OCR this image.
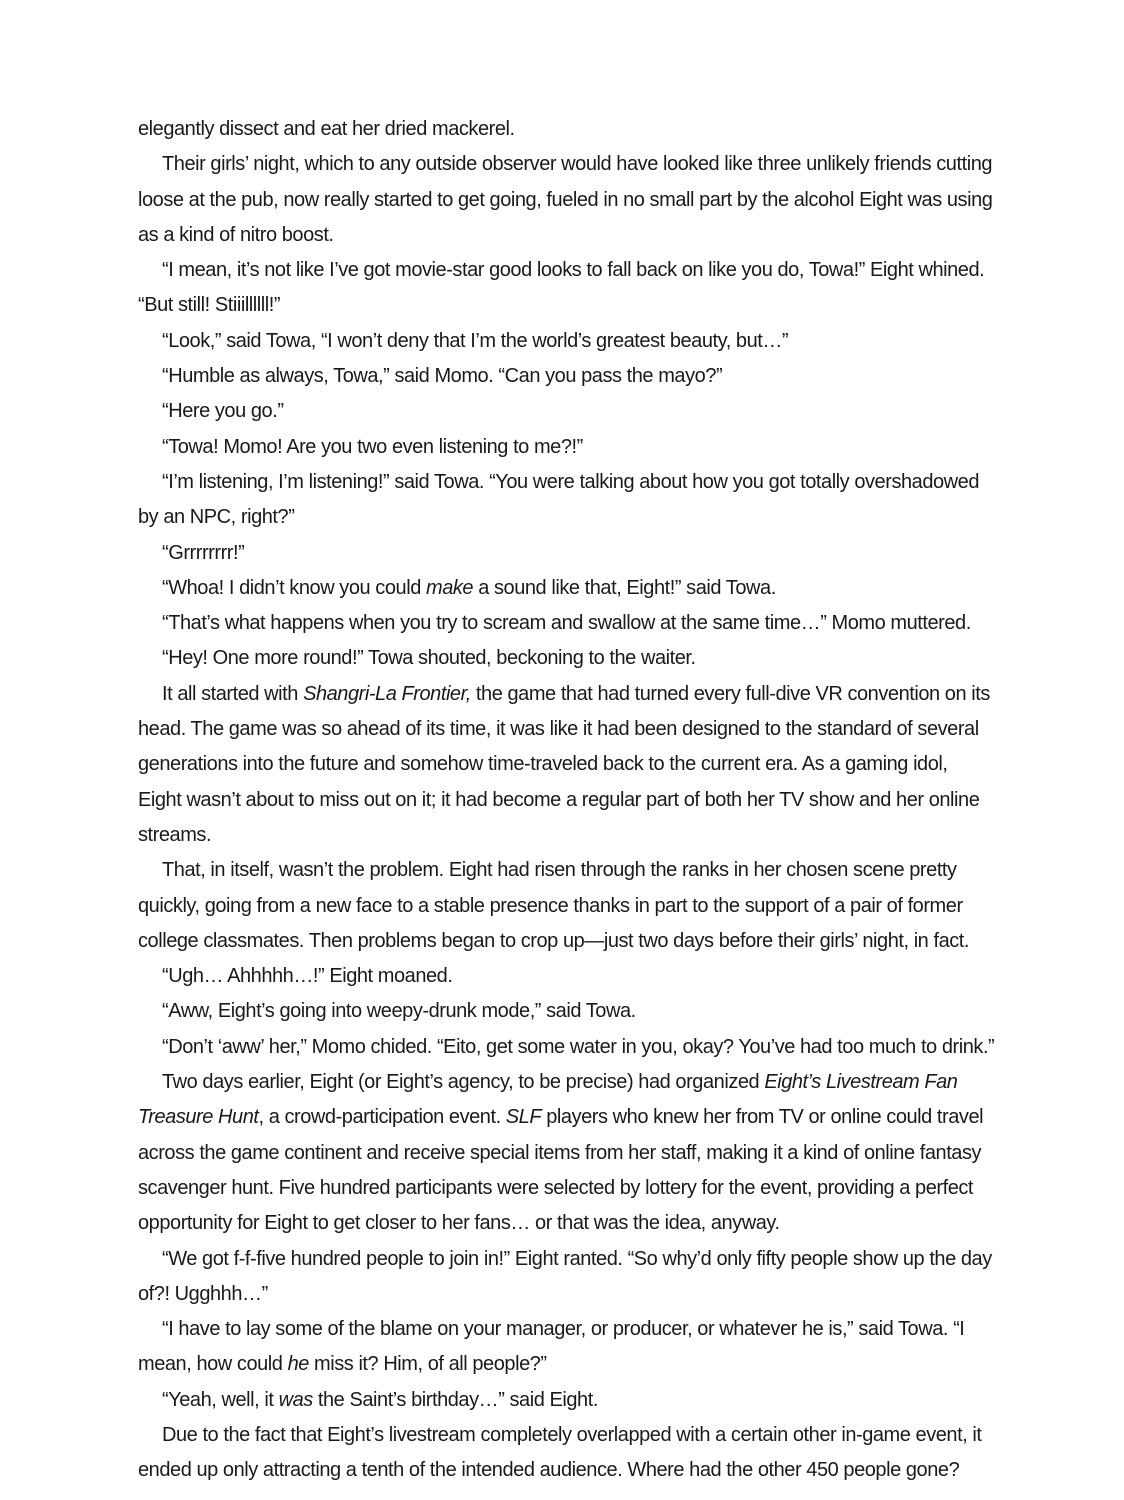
elegantly dissect and eat her dried mackerel.
Their girls’ night, which to any outside observer would have looked like three unlikely friends cutting
loose at the pub, now really started to get going, fueled in no small part by the alcohol Eight was using
as a kind of nitro boost.
“I mean, it’s not like I’ve got movie-star good looks to fall back on like you do, Towa!” Eight whined.
“But still! Stiiillllll!”
“Look,” said Towa, “I won’t deny that I’m the world’s greatest beauty, but…”
“Humble as always, Towa,” said Momo. “Can you pass the mayo?”
“Here you go.”
“Towa! Momo! Are you two even listening to me?!”
“I’m listening, I’m listening!” said Towa. “You were talking about how you got totally overshadowed
by an NPC, right?”
“Grrrrrrrr!”
“Whoa! I didn’t know you could make a sound like that, Eight!” said Towa.
“That’s what happens when you try to scream and swallow at the same time…” Momo muttered.
“Hey! One more round!” Towa shouted, beckoning to the waiter.
It all started with Shangri-La Frontier, the game that had turned every full-dive VR convention on its
head. The game was so ahead of its time, it was like it had been designed to the standard of several
generations into the future and somehow time-traveled back to the current era. As a gaming idol,
Eight wasn’t about to miss out on it; it had become a regular part of both her TV show and her online
streams.
That, in itself, wasn’t the problem. Eight had risen through the ranks in her chosen scene pretty
quickly, going from a new face to a stable presence thanks in part to the support of a pair of former
college classmates. Then problems began to crop up—just two days before their girls’ night, in fact.
“Ugh… Ahhhhh…!” Eight moaned.
“Aww, Eight’s going into weepy-drunk mode,” said Towa.
“Don’t ‘aww’ her,” Momo chided. “Eito, get some water in you, okay? You’ve had too much to drink.”
Two days earlier, Eight (or Eight’s agency, to be precise) had organized Eight’s Livestream Fan
Treasure Hunt, a crowd-participation event. SLF players who knew her from TV or online could travel
across the game continent and receive special items from her staff, making it a kind of online fantasy
scavenger hunt. Five hundred participants were selected by lottery for the event, providing a perfect
opportunity for Eight to get closer to her fans… or that was the idea, anyway.
“We got f-f-five hundred people to join in!” Eight ranted. “So why’d only fifty people show up the day
of?! Ugghhh…”
“I have to lay some of the blame on your manager, or producer, or whatever he is,” said Towa. “I
mean, how could he miss it? Him, of all people?”
“Yeah, well, it was the Saint’s birthday…” said Eight.
Due to the fact that Eight’s livestream completely overlapped with a certain other in-game event, it
ended up only attracting a tenth of the intended audience. Where had the other 450 people gone?
